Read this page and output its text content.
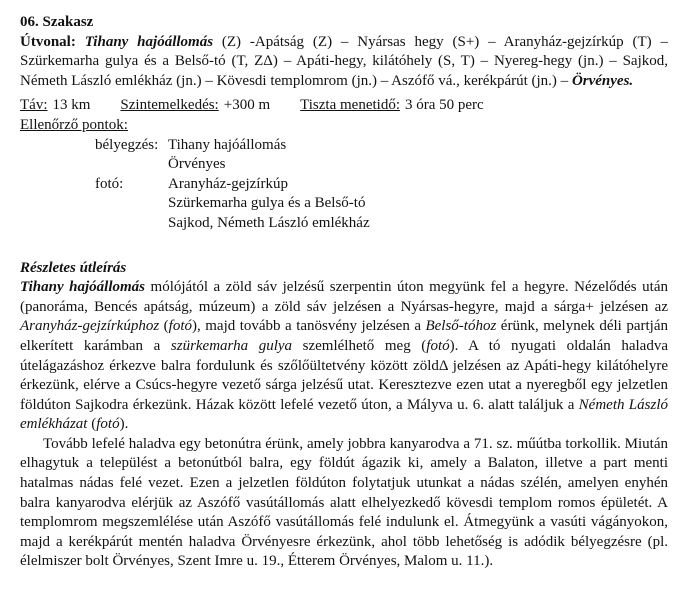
06. Szakasz

Útvonal: Tihany hajóállomás (Z) -Apátság (Z) – Nyársas hegy (S+) – Aranyház-gejzírkúp (T) – Szürkemarha gulya és a Belső-tó (T, ZΔ) – Apáti-hegy, kilátóhely (S, T) – Nyereg-hegy (jn.) – Sajkod, Németh László emlékház (jn.) – Kövesdi templomrom (jn.) – Aszófő vá., kerékpárút (jn.) – Örvényes.

Táv: 13 km Szintemelkedés: +300 m Tiszta menetidő: 3 óra 50 perc
Ellenőrző pontok:
bélyegzés: Tihany hajóállomás
Örvényes
fotó:	Aranyház-gejzírkúp
Szürkemarha gulya és a Belső-tó
Sajkod, Németh László emlékház
Részletes útleírás

Tihany hajóállomás mólójától a zöld sáv jelzésű szerpentin úton megyünk fel a hegyre. Nézelődés után (panoráma, Bencés apátság, múzeum) a zöld sáv jelzésen a Nyársas-hegyre, majd a sárga+ jelzésen az Aranyház-gejzírkúphoz (fotó), majd tovább a tanösvény jelzésen a Belső-tóhoz érünk, melynek déli partján elkerített karámban a szürkemarha gulya szemlélhető meg (fotó). A tó nyugati oldalán haladva útelágazáshoz érkezve balra fordulunk és szőlőültetvény között zöldΔ jelzésen az Apáti-hegy kilátóhelyre érkezünk, elérve a Csúcs-hegyre vezető sárga jelzésű utat. Keresztezve ezen utat a nyeregből egy jelzetlen földúton Sajkodra érkezünk. Házak között lefelé vezető úton, a Mályva u. 6. alatt találjuk a Németh László emlékházat (fotó).

Tovább lefelé haladva egy betonútra érünk, amely jobbra kanyarodva a 71. sz. műútba torkollik. Miután elhagytuk a települést a betonútból balra, egy földút ágazik ki, amely a Balaton, illetve a part menti hatalmas nádas felé vezet. Ezen a jelzetlen földúton folytatjuk utunkat a nádas szélén, amelyen enyhén balra kanyarodva elérjük az Aszófő vasútállomás alatt elhelyezkedő kövesdi templom romos épületét. A templomrom megszemlélése után Aszófő vasútállomás felé indulunk el. Átmegyünk a vasúti vágányokon, majd a kerékpárút mentén haladva Örvényesre érkezünk, ahol több lehetőség is adódik bélyegzésre (pl. élelmiszer bolt Örvényes, Szent Imre u. 19., Étterem Örvényes, Malom u. 11.).
